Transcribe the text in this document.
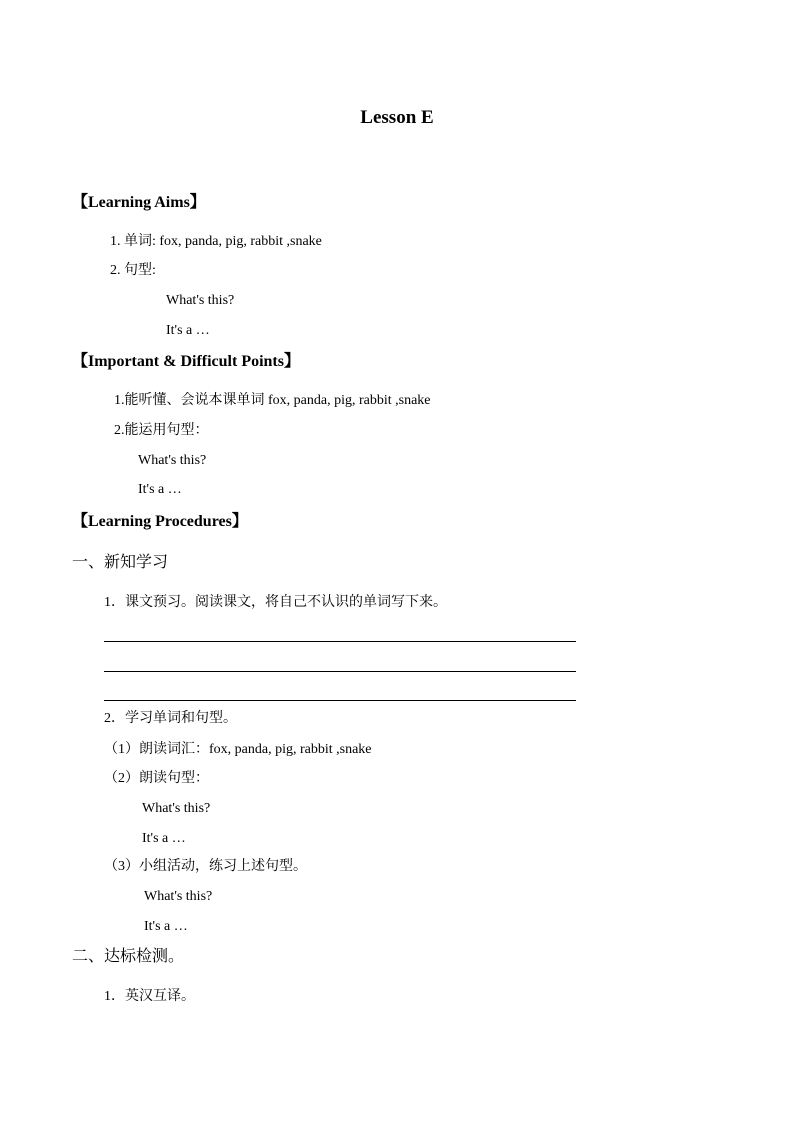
Lesson E
【Learning Aims】
1. 单词: fox, panda, pig, rabbit ,snake
2. 句型:
What's this?
It's a …
【Important & Difficult Points】
1.能听懂、会说本课单词 fox, panda, pig, rabbit ,snake
2.能运用句型：
What's this?
It's a …
【Learning Procedures】
一、新知学习
1．课文预习。阅读课文，将自己不认识的单词写下来。
2．学习单词和句型。
（1）朗读词汇：fox, panda, pig, rabbit ,snake
（2）朗读句型：
What's this?
It's a …
（3）小组活动，练习上述句型。
What's this?
It's a …
二、达标检测。
1．英汉互译。
